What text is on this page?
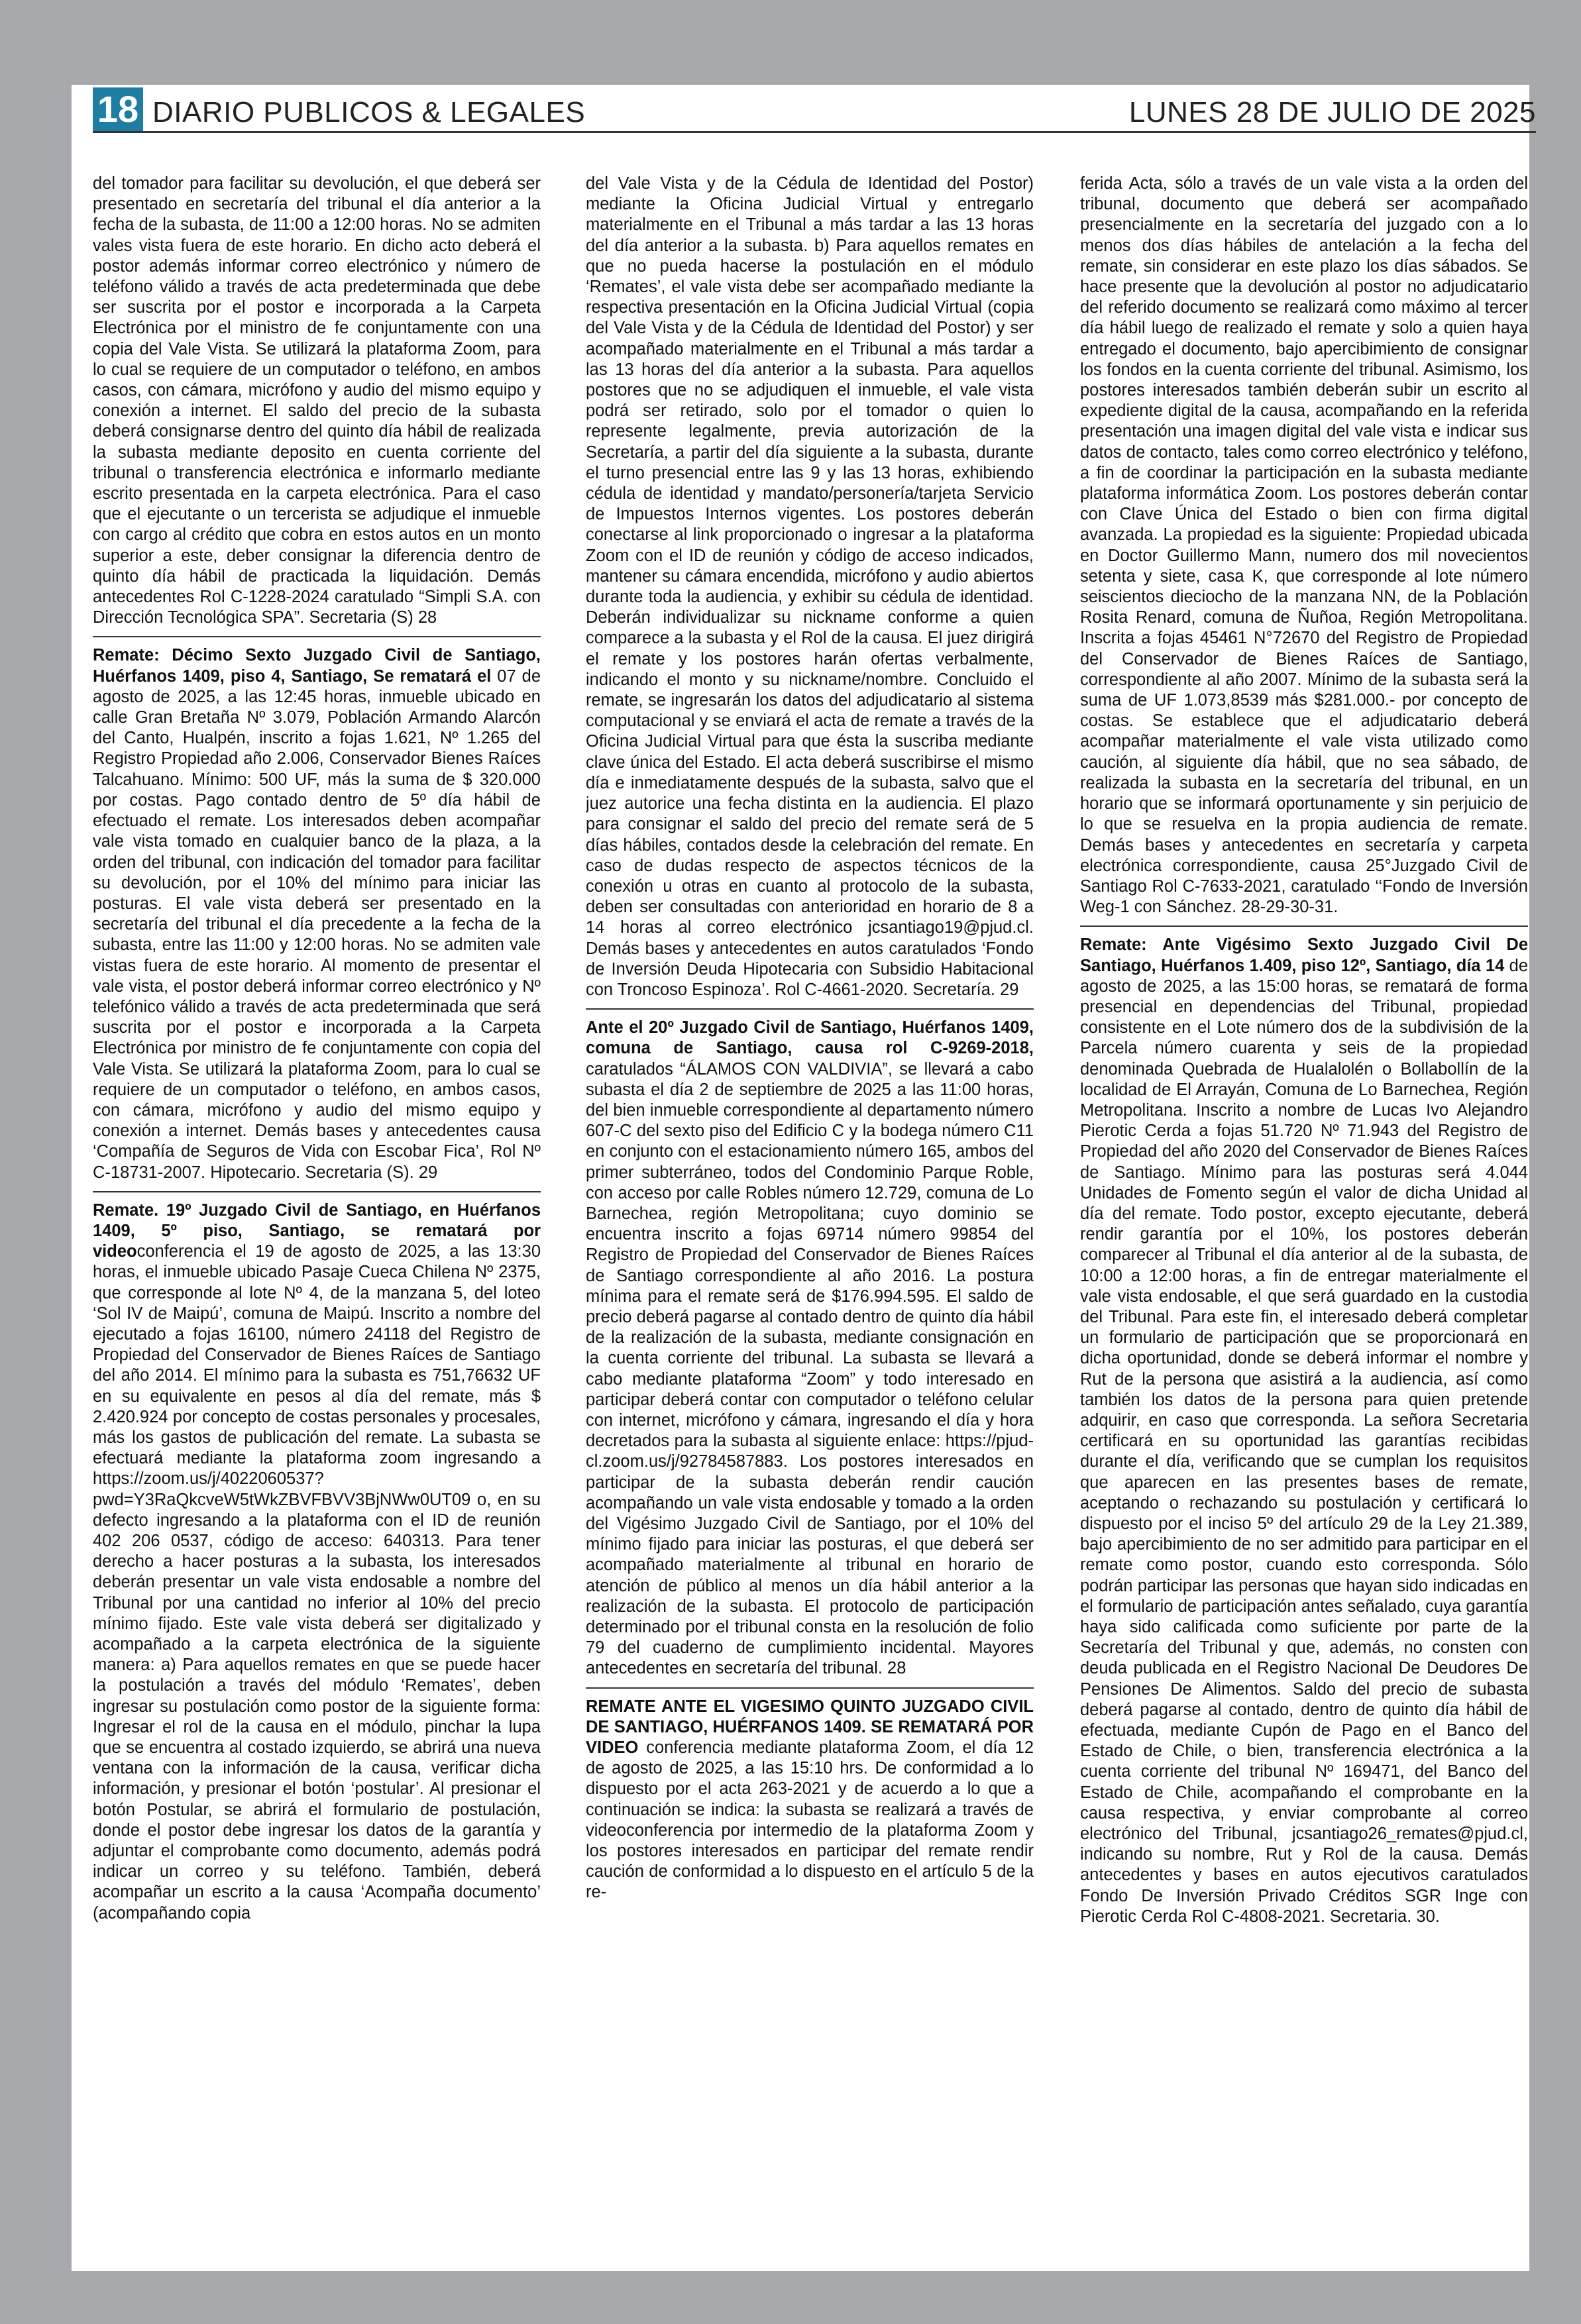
18 DIARIO PUBLICOS & LEGALES	LUNES 28 DE JULIO DE 2025

del tomador para facilitar su devolución, el que deberá ser presentado en secretaría del tribunal el día anterior a la fecha de la subasta, de 11:00 a 12:00 horas. No se admiten vales vista fuera de este horario. En dicho acto deberá el postor además informar correo electrónico y número de teléfono válido a través de acta predeterminada que debe ser suscrita por el postor e incorporada a la Carpeta Electrónica por el ministro de fe conjuntamente con una copia del Vale Vista. Se utilizará la plataforma Zoom, para lo cual se requiere de un computador o teléfono, en ambos casos, con cámara, micrófono y audio del mismo equipo y conexión a internet. El saldo del precio de la subasta deberá consignarse dentro del quinto día hábil de realizada la subasta mediante deposito en cuenta corriente del tribunal o transferencia electrónica e informarlo mediante escrito presentada en la carpeta electrónica. Para el caso que el ejecutante o un tercerista se adjudique el inmueble con cargo al crédito que cobra en estos autos en un monto superior a este, deber consignar la diferencia dentro de quinto día hábil de practicada la liquidación. Demás antecedentes Rol C-1228-2024 caratulado “Simpli S.A. con Dirección Tecnológica SPA”. Secretaria (S) 28

Remate: Décimo Sexto Juzgado Civil de Santiago, Huérfanos 1409, piso 4, Santiago, Se rematará el 07 de agosto de 2025, a las 12:45 horas, inmueble ubicado en calle Gran Bretaña Nº 3.079, Población Armando Alarcón del Canto, Hualpén, inscrito a fojas 1.621, Nº 1.265 del Registro Propiedad año 2.006, Conservador Bienes Raíces Talcahuano. Mínimo: 500 UF, más la suma de $ 320.000 por costas. Pago contado dentro de 5º día hábil de efectuado el remate. Los interesados deben acompañar vale vista tomado en cualquier banco de la plaza, a la orden del tribunal, con indicación del tomador para facilitar su devolución, por el 10% del mínimo para iniciar las posturas. El vale vista deberá ser presentado en la secretaría del tribunal el día precedente a la fecha de la subasta, entre las 11:00 y 12:00 horas. No se admiten vale vistas fuera de este horario. Al momento de presentar el vale vista, el postor deberá informar correo electrónico y Nº telefónico válido a través de acta predeterminada que será suscrita por el postor e incorporada a la Carpeta Electrónica por ministro de fe conjuntamente con copia del Vale Vista. Se utilizará la plataforma Zoom, para lo cual se requiere de un computador o teléfono, en ambos casos, con cámara, micrófono y audio del mismo equipo y conexión a internet. Demás bases y antecedentes causa ‘Compañía de Seguros de Vida con Escobar Fica’, Rol Nº C-18731-2007. Hipotecario. Secretaria (S). 29

Remate. 19º Juzgado Civil de Santiago, en Huérfanos 1409, 5º piso, Santiago, se rematará por videoconferencia el 19 de agosto de 2025, a las 13:30 horas, el inmueble ubicado Pasaje Cueca Chilena Nº 2375, que corresponde al lote Nº 4, de la manzana 5, del loteo ‘Sol IV de Maipú’, comuna de Maipú. Inscrito a nombre del ejecutado a fojas 16100, número 24118 del Registro de Propiedad del Conservador de Bienes Raíces de Santiago del año 2014. El mínimo para la subasta es 751,76632 UF en su equivalente en pesos al día del remate, más $ 2.420.924 por concepto de costas personales y procesales, más los gastos de publicación del remate. La subasta se efectuará mediante la plataforma zoom ingresando a https://zoom.us/j/4022060537?pwd=Y3RaQkcveW5tWkZBVFBVV3BjNWw0UT09 o, en su defecto ingresando a la plataforma con el ID de reunión 402 206 0537, código de acceso: 640313. Para tener derecho a hacer posturas a la subasta, los interesados deberán presentar un vale vista endosable a nombre del Tribunal por una cantidad no inferior al 10% del precio mínimo fijado. Este vale vista deberá ser digitalizado y acompañado a la carpeta electrónica de la siguiente manera: a) Para aquellos remates en que se puede hacer la postulación a través del módulo ‘Remates’, deben ingresar su postulación como postor de la siguiente forma: Ingresar el rol de la causa en el módulo, pinchar la lupa que se encuentra al costado izquierdo, se abrirá una nueva ventana con la información de la causa, verificar dicha información, y presionar el botón ‘postular’. Al presionar el botón Postular, se abrirá el formulario de postulación, donde el postor debe ingresar los datos de la garantía y adjuntar el comprobante como documento, además podrá indicar un correo y su teléfono. También, deberá acompañar un escrito a la causa ‘Acompaña documento’ (acompañando copia

del Vale Vista y de la Cédula de Identidad del Postor) mediante la Oficina Judicial Virtual y entregarlo materialmente en el Tribunal a más tardar a las 13 horas del día anterior a la subasta. b) Para aquellos remates en que no pueda hacerse la postulación en el módulo ‘Remates’, el vale vista debe ser acompañado mediante la respectiva presentación en la Oficina Judicial Virtual (copia del Vale Vista y de la Cédula de Identidad del Postor) y ser acompañado materialmente en el Tribunal a más tardar a las 13 horas del día anterior a la subasta. Para aquellos postores que no se adjudiquen el inmueble, el vale vista podrá ser retirado, solo por el tomador o quien lo represente legalmente, previa autorización de la Secretaría, a partir del día siguiente a la subasta, durante el turno presencial entre las 9 y las 13 horas, exhibiendo cédula de identidad y mandato/personería/tarjeta Servicio de Impuestos Internos vigentes. Los postores deberán conectarse al link proporcionado o ingresar a la plataforma Zoom con el ID de reunión y código de acceso indicados, mantener su cámara encendida, micrófono y audio abiertos durante toda la audiencia, y exhibir su cédula de identidad. Deberán individualizar su nickname conforme a quien comparece a la subasta y el Rol de la causa. El juez dirigirá el remate y los postores harán ofertas verbalmente, indicando el monto y su nickname/nombre. Concluido el remate, se ingresarán los datos del adjudicatario al sistema computacional y se enviará el acta de remate a través de la Oficina Judicial Virtual para que ésta la suscriba mediante clave única del Estado. El acta deberá suscribirse el mismo día e inmediatamente después de la subasta, salvo que el juez autorice una fecha distinta en la audiencia. El plazo para consignar el saldo del precio del remate será de 5 días hábiles, contados desde la celebración del remate. En caso de dudas respecto de aspectos técnicos de la conexión u otras en cuanto al protocolo de la subasta, deben ser consultadas con anterioridad en horario de 8 a 14 horas al correo electrónico jcsantiago19@pjud.cl. Demás bases y antecedentes en autos caratulados ‘Fondo de Inversión Deuda Hipotecaria con Subsidio Habitacional con Troncoso Espinoza’. Rol C-4661-2020. Secretaría. 29

Ante el 20º Juzgado Civil de Santiago, Huérfanos 1409, comuna de Santiago, causa rol C-9269-2018, caratulados “ÁLAMOS CON VALDIVIA”, se llevará a cabo subasta el día 2 de septiembre de 2025 a las 11:00 horas, del bien inmueble correspondiente al departamento número 607-C del sexto piso del Edificio C y la bodega número C11 en conjunto con el estacionamiento número 165, ambos del primer subterráneo, todos del Condominio Parque Roble, con acceso por calle Robles número 12.729, comuna de Lo Barnechea, región Metropolitana; cuyo dominio se encuentra inscrito a fojas 69714 número 99854 del Registro de Propiedad del Conservador de Bienes Raíces de Santiago correspondiente al año 2016. La postura mínima para el remate será de $176.994.595. El saldo de precio deberá pagarse al contado dentro de quinto día hábil de la realización de la subasta, mediante consignación en la cuenta corriente del tribunal. La subasta se llevará a cabo mediante plataforma “Zoom” y todo interesado en participar deberá contar con computador o teléfono celular con internet, micrófono y cámara, ingresando el día y hora decretados para la subasta al siguiente enlace: https://pjud-cl.zoom.us/j/92784587883. Los postores interesados en participar de la subasta deberán rendir caución acompañando un vale vista endosable y tomado a la orden del Vigésimo Juzgado Civil de Santiago, por el 10% del mínimo fijado para iniciar las posturas, el que deberá ser acompañado materialmente al tribunal en horario de atención de público al menos un día hábil anterior a la realización de la subasta. El protocolo de participación determinado por el tribunal consta en la resolución de folio 79 del cuaderno de cumplimiento incidental. Mayores antecedentes en secretaría del tribunal. 28

REMATE ANTE EL VIGESIMO QUINTO JUZGADO CIVIL DE SANTIAGO, HUÉRFANOS 1409. SE REMATARÁ POR VIDEO conferencia mediante plataforma Zoom, el día 12 de agosto de 2025, a las 15:10 hrs. De conformidad a lo dispuesto por el acta 263-2021 y de acuerdo a lo que a continuación se indica: la subasta se realizará a través de videoconferencia por intermedio de la plataforma Zoom y los postores interesados en participar del remate rendir caución de conformidad a lo dispuesto en el artículo 5 de la re-

ferida Acta, sólo a través de un vale vista a la orden del tribunal, documento que deberá ser acompañado presencialmente en la secretaría del juzgado con a lo menos dos días hábiles de antelación a la fecha del remate, sin considerar en este plazo los días sábados. Se hace presente que la devolución al postor no adjudicatario del referido documento se realizará como máximo al tercer día hábil luego de realizado el remate y solo a quien haya entregado el documento, bajo apercibimiento de consignar los fondos en la cuenta corriente del tribunal. Asimismo, los postores interesados también deberán subir un escrito al expediente digital de la causa, acompañando en la referida presentación una imagen digital del vale vista e indicar sus datos de contacto, tales como correo electrónico y teléfono, a fin de coordinar la participación en la subasta mediante plataforma informática Zoom. Los postores deberán contar con Clave Única del Estado o bien con firma digital avanzada. La propiedad es la siguiente: Propiedad ubicada en Doctor Guillermo Mann, numero dos mil novecientos setenta y siete, casa K, que corresponde al lote número seiscientos dieciocho de la manzana NN, de la Población Rosita Renard, comuna de Ñuñoa, Región Metropolitana. Inscrita a fojas 45461 N°72670 del Registro de Propiedad del Conservador de Bienes Raíces de Santiago, correspondiente al año 2007. Mínimo de la subasta será la suma de UF 1.073,8539 más $281.000.- por concepto de costas. Se establece que el adjudicatario deberá acompañar materialmente el vale vista utilizado como caución, al siguiente día hábil, que no sea sábado, de realizada la subasta en la secretaría del tribunal, en un horario que se informará oportunamente y sin perjuicio de lo que se resuelva en la propia audiencia de remate. Demás bases y antecedentes en secretaría y carpeta electrónica correspondiente, causa 25°Juzgado Civil de Santiago Rol C-7633-2021, caratulado ‘‘Fondo de Inversión Weg-1 con Sánchez. 28-29-30-31.

Remate: Ante Vigésimo Sexto Juzgado Civil De Santiago, Huérfanos 1.409, piso 12º, Santiago, día 14 de agosto de 2025, a las 15:00 horas, se rematará de forma presencial en dependencias del Tribunal, propiedad consistente en el Lote número dos de la subdivisión de la Parcela número cuarenta y seis de la propiedad denominada Quebrada de Hualalolén o Bollabollín de la localidad de El Arrayán, Comuna de Lo Barnechea, Región Metropolitana. Inscrito a nombre de Lucas Ivo Alejandro Pierotic Cerda a fojas 51.720 Nº 71.943 del Registro de Propiedad del año 2020 del Conservador de Bienes Raíces de Santiago. Mínimo para las posturas será 4.044 Unidades de Fomento según el valor de dicha Unidad al día del remate. Todo postor, excepto ejecutante, deberá rendir garantía por el 10%, los postores deberán comparecer al Tribunal el día anterior al de la subasta, de 10:00 a 12:00 horas, a fin de entregar materialmente el vale vista endosable, el que será guardado en la custodia del Tribunal. Para este fin, el interesado deberá completar un formulario de participación que se proporcionará en dicha oportunidad, donde se deberá informar el nombre y Rut de la persona que asistirá a la audiencia, así como también los datos de la persona para quien pretende adquirir, en caso que corresponda. La señora Secretaria certificará en su oportunidad las garantías recibidas durante el día, verificando que se cumplan los requisitos que aparecen en las presentes bases de remate, aceptando o rechazando su postulación y certificará lo dispuesto por el inciso 5º del artículo 29 de la Ley 21.389, bajo apercibimiento de no ser admitido para participar en el remate como postor, cuando esto corresponda. Sólo podrán participar las personas que hayan sido indicadas en el formulario de participación antes señalado, cuya garantía haya sido calificada como suficiente por parte de la Secretaría del Tribunal y que, además, no consten con deuda publicada en el Registro Nacional De Deudores De Pensiones De Alimentos. Saldo del precio de subasta deberá pagarse al contado, dentro de quinto día hábil de efectuada, mediante Cupón de Pago en el Banco del Estado de Chile, o bien, transferencia electrónica a la cuenta corriente del tribunal Nº 169471, del Banco del Estado de Chile, acompañando el comprobante en la causa respectiva, y enviar comprobante al correo electrónico del Tribunal, jcsantiago26_remates@pjud.cl, indicando su nombre, Rut y Rol de la causa. Demás antecedentes y bases en autos ejecutivos caratulados Fondo De Inversión Privado Créditos SGR Inge con Pierotic Cerda Rol C-4808-2021. Secretaria. 30.
